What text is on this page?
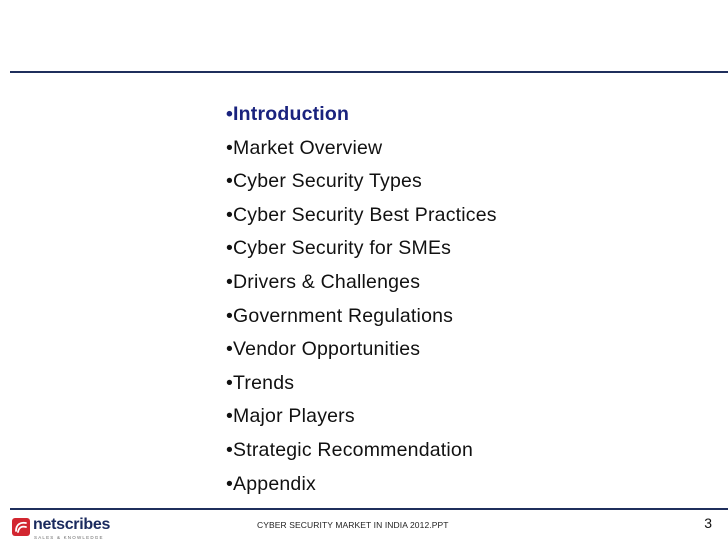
•Introduction
•Market Overview
•Cyber Security Types
•Cyber Security Best Practices
•Cyber Security for SMEs
•Drivers & Challenges
•Government Regulations
•Vendor Opportunities
•Trends
•Major Players
•Strategic Recommendation
•Appendix
netscribes
SALES & KNOWLEDGE
CYBER SECURITY MARKET IN INDIA 2012.PPT	3
